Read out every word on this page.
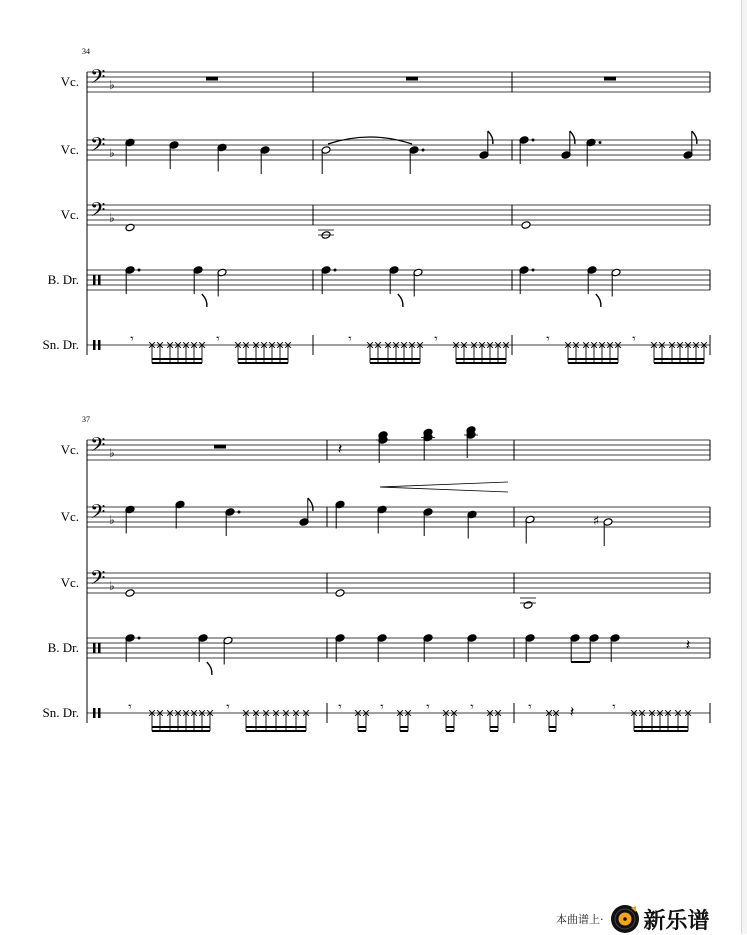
34
Vc. 𝄢 ♭
Vc. 𝄢 ♭
Vc. 𝄢 ♭
B. Dr.
Sn. Dr.	𝄾	𝄾	𝄾	𝄾	𝄾	𝄾
37
Vc. 𝄢 ♭
Vc. 𝄢 ♭
Vc. 𝄢 ♭
B. Dr.
Sn. Dr.
𝄽
♯
𝄽
𝄾	𝄾	𝄾	𝄾	𝄾	𝄾	𝄾	𝄽	𝄾
本曲谱上· 新乐谱
